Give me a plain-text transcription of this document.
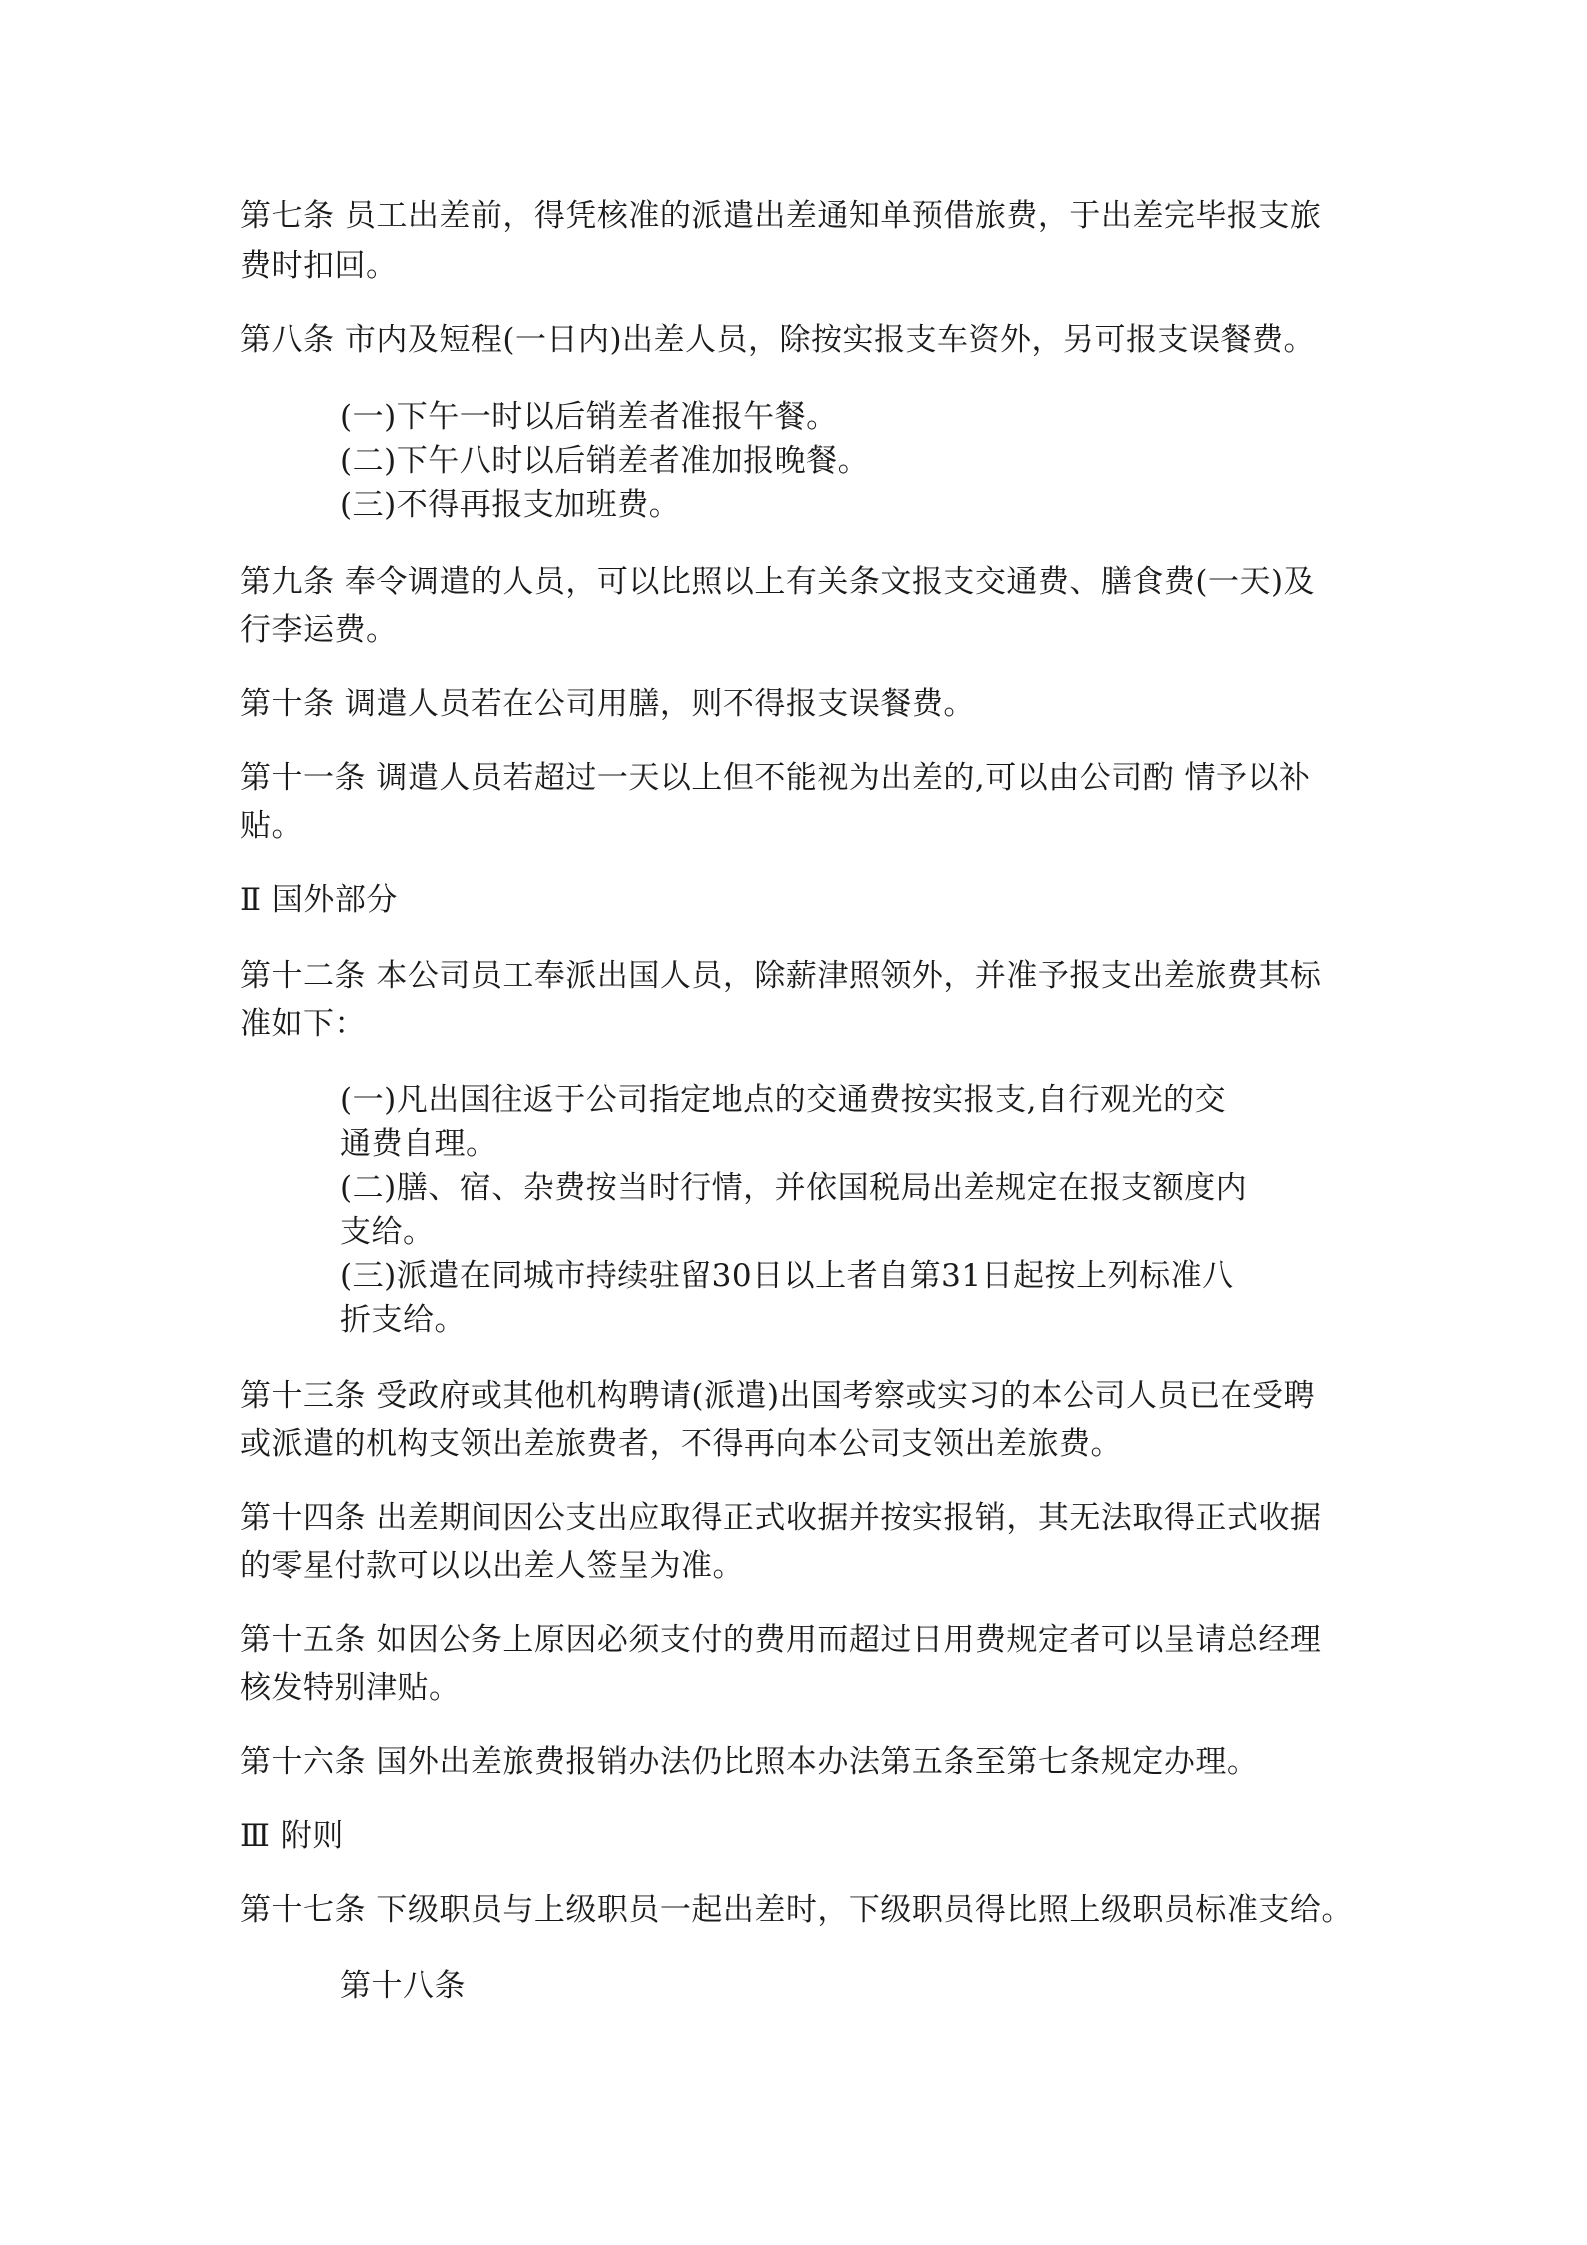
第七条 员工出差前，得凭核准的派遣出差通知单预借旅费，于出差完毕报支旅
费时扣回。
第八条 市内及短程(一日内)出差人员，除按实报支车资外，另可报支误餐费。
(一)下午一时以后销差者准报午餐。
(二)下午八时以后销差者准加报晚餐。
(三)不得再报支加班费。
第九条 奉令调遣的人员，可以比照以上有关条文报支交通费、膳食费(一天)及
行李运费。
第十条 调遣人员若在公司用膳，则不得报支误餐费。
第十一条 调遣人员若超过一天以上但不能视为出差的,可以由公司酌 情予以补
贴。
Ⅱ 国外部分
第十二条 本公司员工奉派出国人员，除薪津照领外，并准予报支出差旅费其标
准如下：
(一)凡出国往返于公司指定地点的交通费按实报支,自行观光的交
通费自理。
(二)膳、宿、杂费按当时行情，并依国税局出差规定在报支额度内
支给。
(三)派遣在同城市持续驻留30日以上者自第31日起按上列标准八
折支给。
第十三条 受政府或其他机构聘请(派遣)出国考察或实习的本公司人员已在受聘
或派遣的机构支领出差旅费者，不得再向本公司支领出差旅费。
第十四条 出差期间因公支出应取得正式收据并按实报销，其无法取得正式收据
的零星付款可以以出差人签呈为准。
第十五条 如因公务上原因必须支付的费用而超过日用费规定者可以呈请总经理
核发特别津贴。
第十六条 国外出差旅费报销办法仍比照本办法第五条至第七条规定办理。
Ⅲ 附则
第十七条 下级职员与上级职员一起出差时，下级职员得比照上级职员标准支给。
第十八条
